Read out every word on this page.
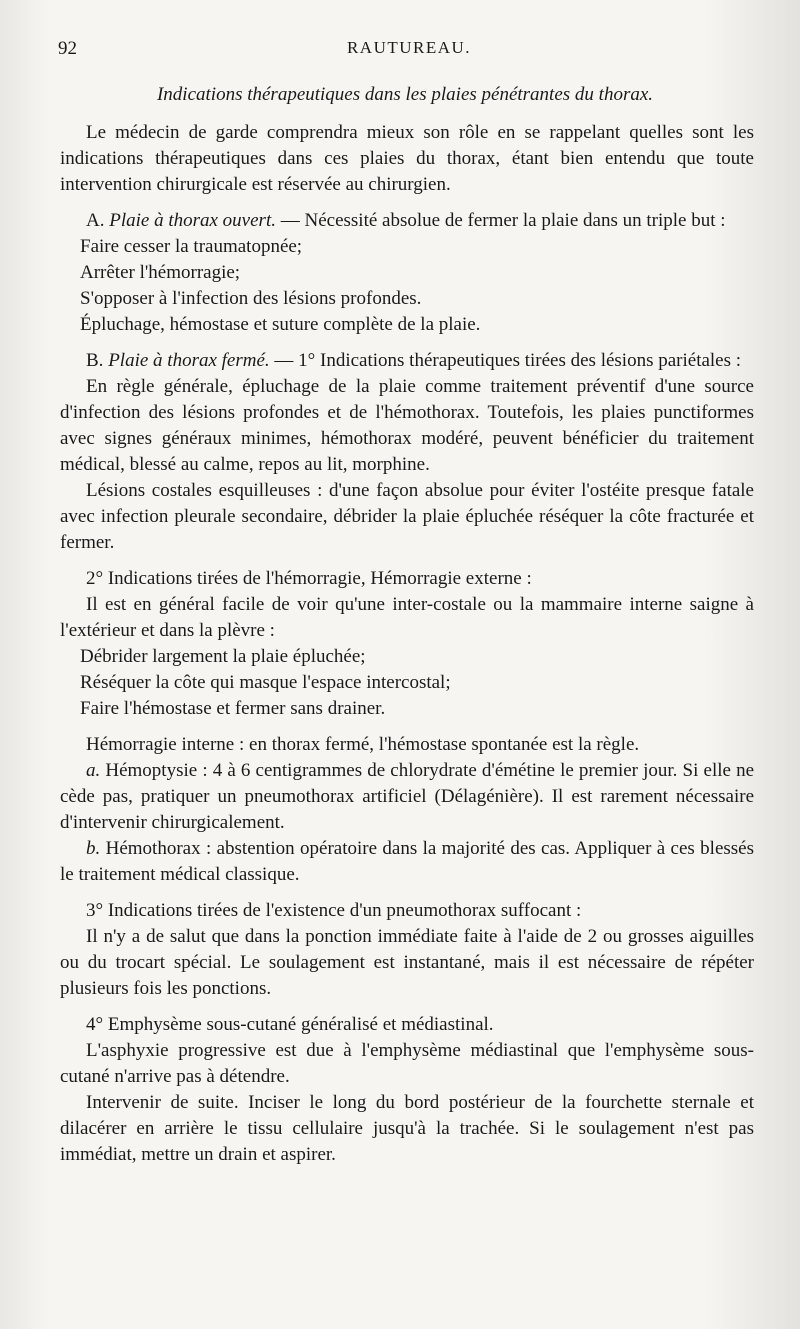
92	RAUTUREAU.
Indications thérapeutiques dans les plaies pénétrantes du thorax.

Le médecin de garde comprendra mieux son rôle en se rappelant quelles sont les indications thérapeutiques dans ces plaies du thorax, étant bien entendu que toute intervention chirurgicale est réservée au chirurgien.

A. Plaie à thorax ouvert. — Nécessité absolue de fermer la plaie dans un triple but :

Faire cesser la traumatopnée;

Arrêter l'hémorragie;

S'opposer à l'infection des lésions profondes.

Épluchage, hémostase et suture complète de la plaie.

B. Plaie à thorax fermé. — 1° Indications thérapeutiques tirées des lésions pariétales :

En règle générale, épluchage de la plaie comme traitement préventif d'une source d'infection des lésions profondes et de l'hémothorax. Toutefois, les plaies punctiformes avec signes généraux minimes, hémothorax modéré, peuvent bénéficier du traitement médical, blessé au calme, repos au lit, morphine.

Lésions costales esquilleuses : d'une façon absolue pour éviter l'ostéite presque fatale avec infection pleurale secondaire, débrider la plaie épluchée réséquer la côte fracturée et fermer.

2° Indications tirées de l'hémorragie, Hémorragie externe :

Il est en général facile de voir qu'une inter-costale ou la mammaire interne saigne à l'extérieur et dans la plèvre :

Débrider largement la plaie épluchée;

Réséquer la côte qui masque l'espace intercostal;

Faire l'hémostase et fermer sans drainer.

Hémorragie interne : en thorax fermé, l'hémostase spontanée est la règle.

a. Hémoptysie : 4 à 6 centigrammes de chlorydrate d'émétine le premier jour. Si elle ne cède pas, pratiquer un pneumothorax artificiel (Délagénière). Il est rarement nécessaire d'intervenir chirurgicalement.

b. Hémothorax : abstention opératoire dans la majorité des cas. Appliquer à ces blessés le traitement médical classique.

3° Indications tirées de l'existence d'un pneumothorax suffocant :

Il n'y a de salut que dans la ponction immédiate faite à l'aide de 2 ou grosses aiguilles ou du trocart spécial. Le soulagement est instantané, mais il est nécessaire de répéter plusieurs fois les ponctions.

4° Emphysème sous-cutané généralisé et médiastinal.

L'asphyxie progressive est due à l'emphysème médiastinal que l'emphysème sous-cutané n'arrive pas à détendre.

Intervenir de suite. Inciser le long du bord postérieur de la fourchette sternale et dilacérer en arrière le tissu cellulaire jusqu'à la trachée. Si le soulagement n'est pas immédiat, mettre un drain et aspirer.
